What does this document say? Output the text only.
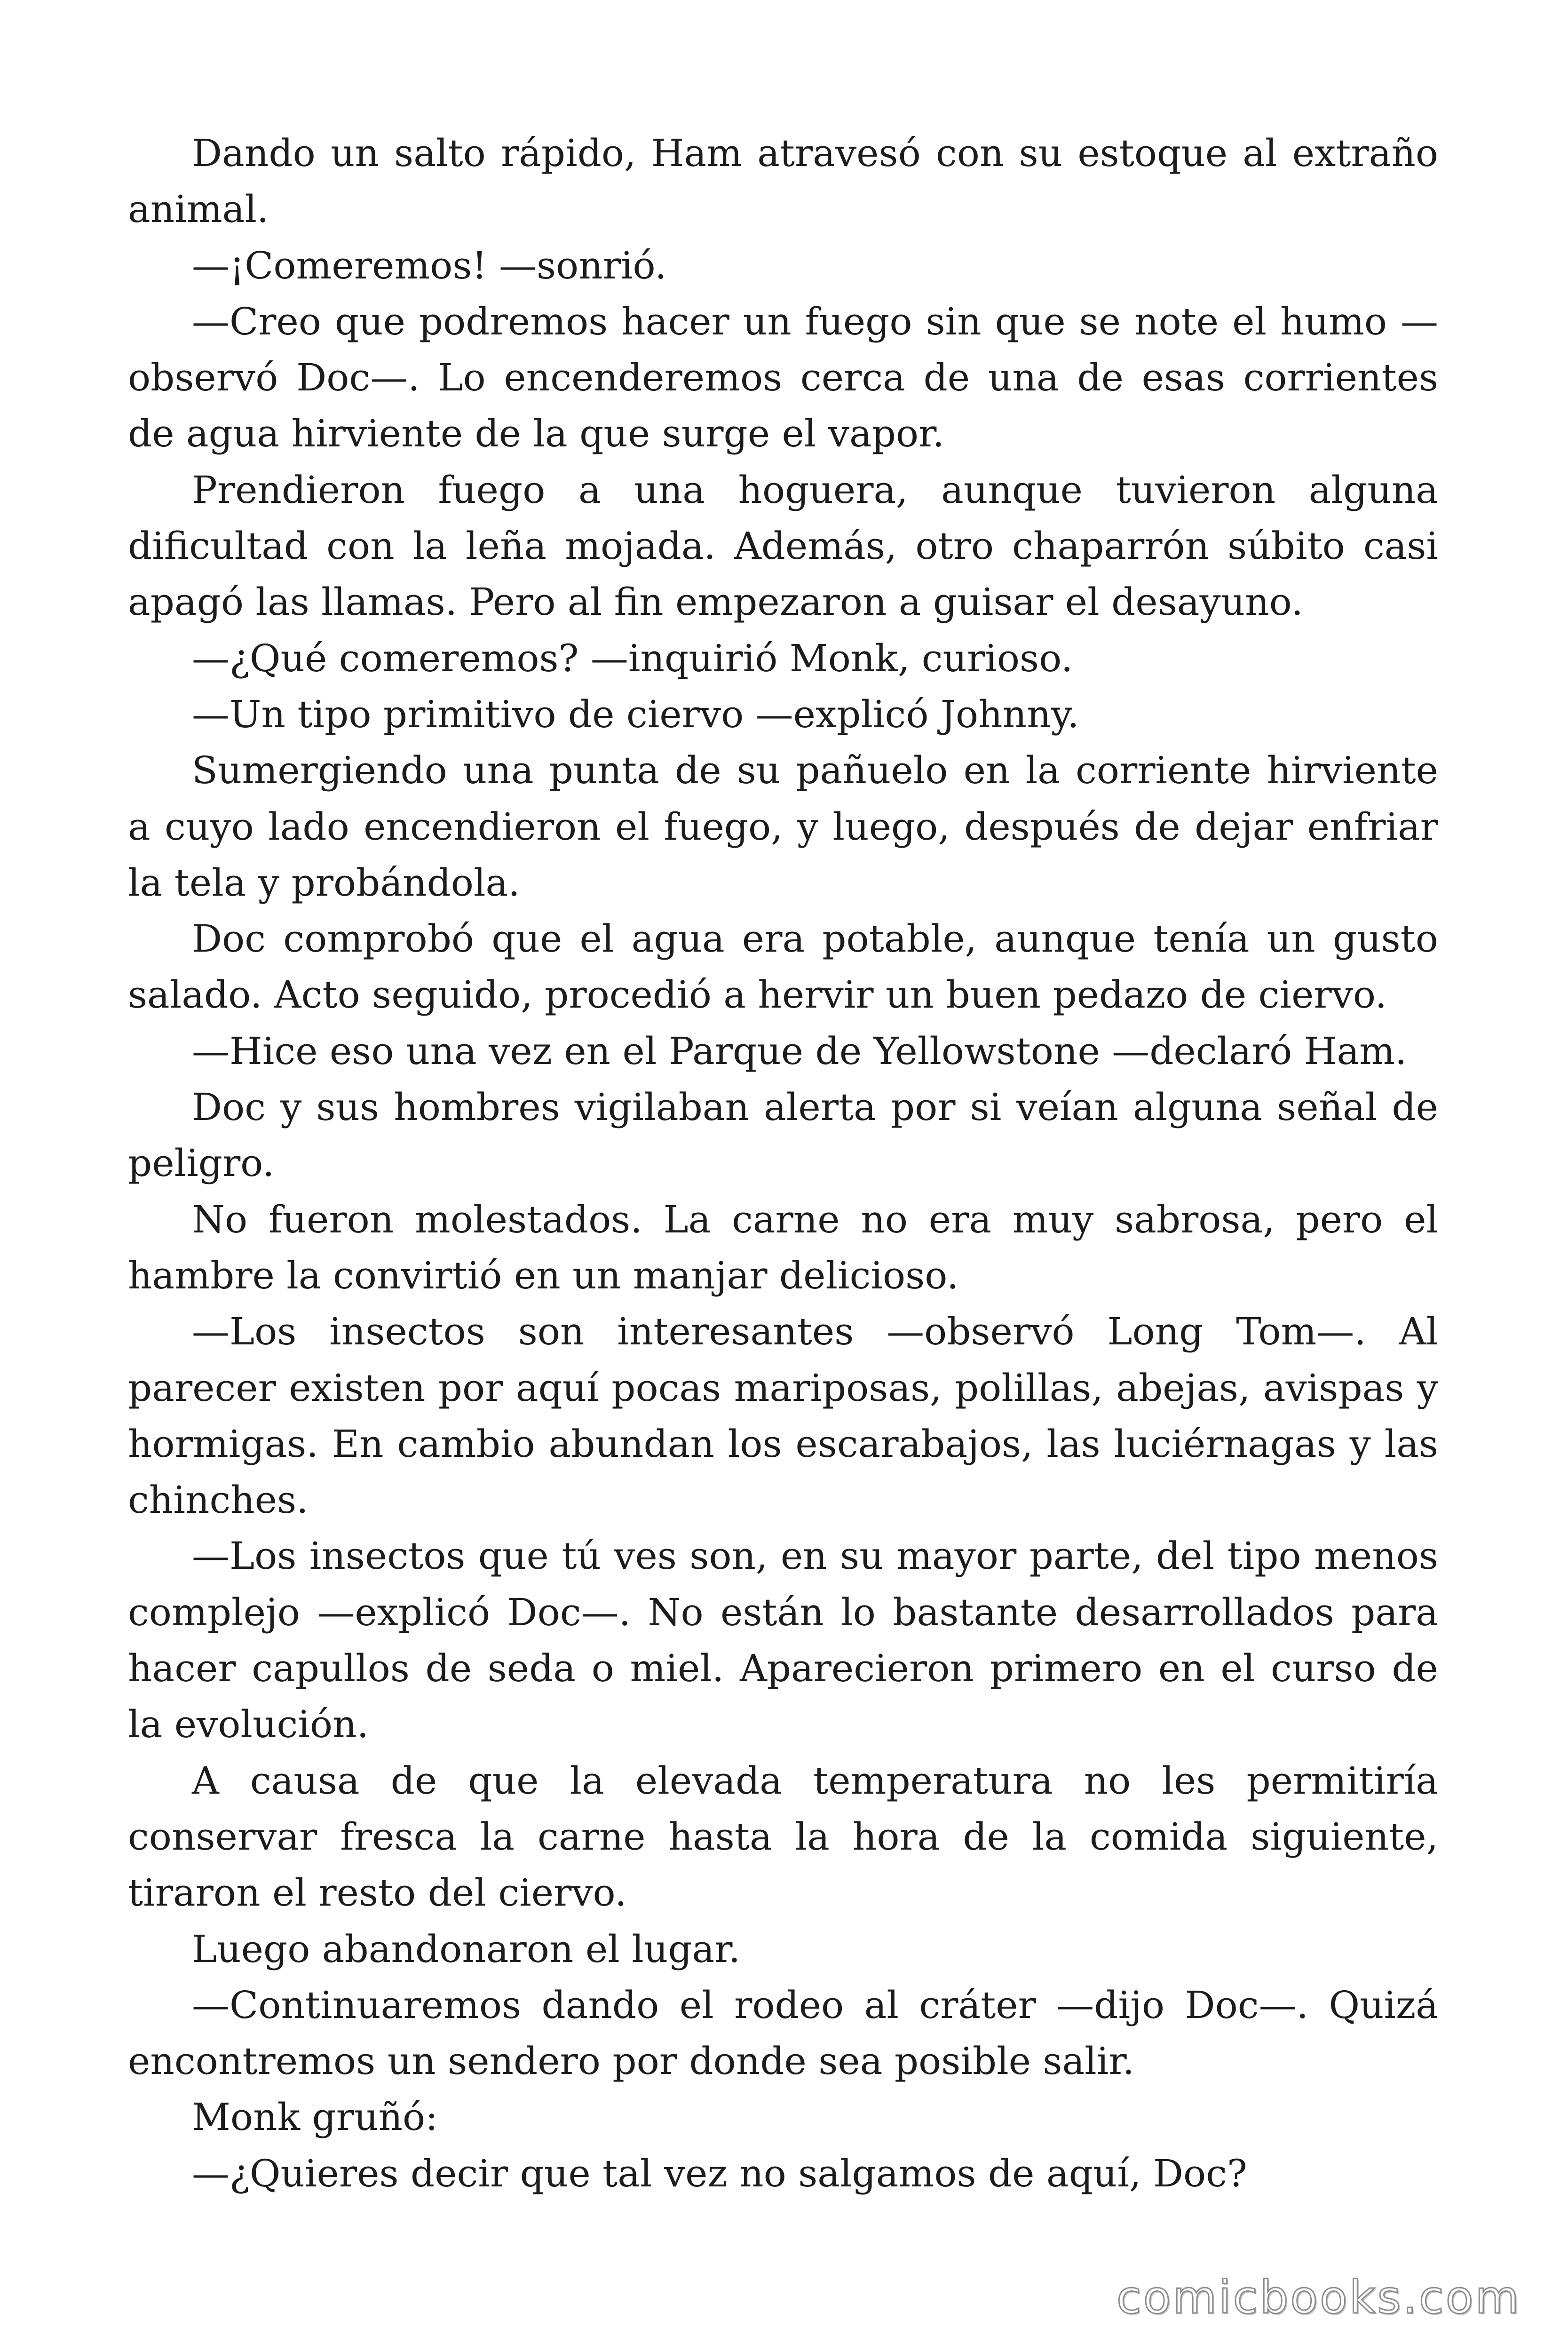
Dando un salto rápido, Ham atravesó con su estoque al extraño animal.

—¡Comeremos! —sonrió.

—Creo que podremos hacer un fuego sin que se note el humo —observó Doc—. Lo encenderemos cerca de una de esas corrientes de agua hirviente de la que surge el vapor.

Prendieron fuego a una hoguera, aunque tuvieron alguna dificultad con la leña mojada. Además, otro chaparrón súbito casi apagó las llamas. Pero al fin empezaron a guisar el desayuno.

—¿Qué comeremos? —inquirió Monk, curioso.

—Un tipo primitivo de ciervo —explicó Johnny.

Sumergiendo una punta de su pañuelo en la corriente hirviente a cuyo lado encendieron el fuego, y luego, después de dejar enfriar la tela y probándola.

Doc comprobó que el agua era potable, aunque tenía un gusto salado. Acto seguido, procedió a hervir un buen pedazo de ciervo.

—Hice eso una vez en el Parque de Yellowstone —declaró Ham.

Doc y sus hombres vigilaban alerta por si veían alguna señal de peligro.

No fueron molestados. La carne no era muy sabrosa, pero el hambre la convirtió en un manjar delicioso.

—Los insectos son interesantes —observó Long Tom—. Al parecer existen por aquí pocas mariposas, polillas, abejas, avispas y hormigas. En cambio abundan los escarabajos, las luciérnagas y las chinches.

—Los insectos que tú ves son, en su mayor parte, del tipo menos complejo —explicó Doc—. No están lo bastante desarrollados para hacer capullos de seda o miel. Aparecieron primero en el curso de la evolución.

A causa de que la elevada temperatura no les permitiría conservar fresca la carne hasta la hora de la comida siguiente, tiraron el resto del ciervo.

Luego abandonaron el lugar.

—Continuaremos dando el rodeo al cráter —dijo Doc—. Quizá encontremos un sendero por donde sea posible salir.

Monk gruñó:

—¿Quieres decir que tal vez no salgamos de aquí, Doc?

comicbooks.com
